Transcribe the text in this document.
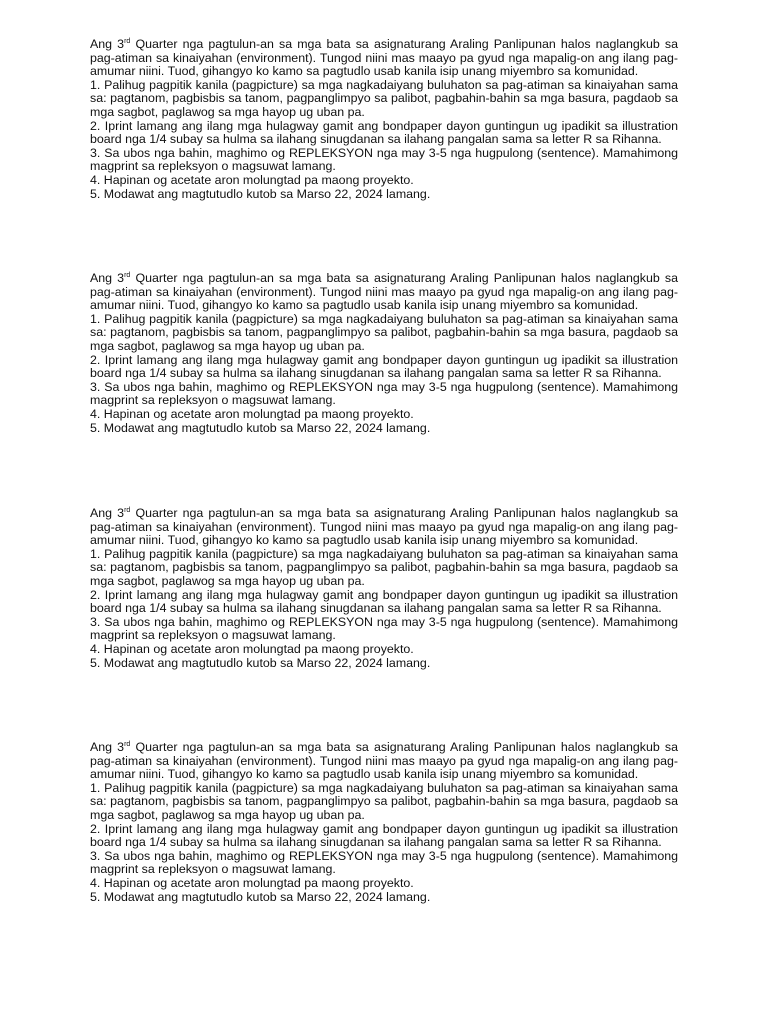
Ang 3rd Quarter nga pagtulun-an sa mga bata sa asignaturang Araling Panlipunan halos naglangkub sa pag-atiman sa kinaiyahan (environment). Tungod niini mas maayo pa gyud nga mapalig-on ang ilang pag-amumar niini. Tuod, gihangyo ko kamo sa pagtudlo usab kanila isip unang miyembro sa komunidad.

1. Palihug pagpitik kanila (pagpicture) sa mga nagkadaiyang buluhaton sa pag-atiman sa kinaiyahan sama sa: pagtanom, pagbisbis sa tanom, pagpanglimpyo sa palibot, pagbahin-bahin sa mga basura, pagdaob sa mga sagbot, paglawog sa mga hayop ug uban pa.

2. Iprint lamang ang ilang mga hulagway gamit ang bondpaper dayon guntingun ug ipadikit sa illustration board nga 1/4 subay sa hulma sa ilahang sinugdanan sa ilahang pangalan sama sa letter R sa Rihanna.

3. Sa ubos nga bahin, maghimo og REPLEKSYON nga may 3-5 nga hugpulong (sentence). Mamahimong magprint sa repleksyon o magsuwat lamang.

4. Hapinan og acetate aron molungtad pa maong proyekto.

5. Modawat ang magtutudlo kutob sa Marso 22, 2024 lamang.

Ang 3rd Quarter nga pagtulun-an sa mga bata sa asignaturang Araling Panlipunan halos naglangkub sa pag-atiman sa kinaiyahan (environment). Tungod niini mas maayo pa gyud nga mapalig-on ang ilang pag-amumar niini. Tuod, gihangyo ko kamo sa pagtudlo usab kanila isip unang miyembro sa komunidad.

1. Palihug pagpitik kanila (pagpicture) sa mga nagkadaiyang buluhaton sa pag-atiman sa kinaiyahan sama sa: pagtanom, pagbisbis sa tanom, pagpanglimpyo sa palibot, pagbahin-bahin sa mga basura, pagdaob sa mga sagbot, paglawog sa mga hayop ug uban pa.

2. Iprint lamang ang ilang mga hulagway gamit ang bondpaper dayon guntingun ug ipadikit sa illustration board nga 1/4 subay sa hulma sa ilahang sinugdanan sa ilahang pangalan sama sa letter R sa Rihanna.

3. Sa ubos nga bahin, maghimo og REPLEKSYON nga may 3-5 nga hugpulong (sentence). Mamahimong magprint sa repleksyon o magsuwat lamang.

4. Hapinan og acetate aron molungtad pa maong proyekto.

5. Modawat ang magtutudlo kutob sa Marso 22, 2024 lamang.

Ang 3rd Quarter nga pagtulun-an sa mga bata sa asignaturang Araling Panlipunan halos naglangkub sa pag-atiman sa kinaiyahan (environment). Tungod niini mas maayo pa gyud nga mapalig-on ang ilang pag-amumar niini. Tuod, gihangyo ko kamo sa pagtudlo usab kanila isip unang miyembro sa komunidad.

1. Palihug pagpitik kanila (pagpicture) sa mga nagkadaiyang buluhaton sa pag-atiman sa kinaiyahan sama sa: pagtanom, pagbisbis sa tanom, pagpanglimpyo sa palibot, pagbahin-bahin sa mga basura, pagdaob sa mga sagbot, paglawog sa mga hayop ug uban pa.

2. Iprint lamang ang ilang mga hulagway gamit ang bondpaper dayon guntingun ug ipadikit sa illustration board nga 1/4 subay sa hulma sa ilahang sinugdanan sa ilahang pangalan sama sa letter R sa Rihanna.

3. Sa ubos nga bahin, maghimo og REPLEKSYON nga may 3-5 nga hugpulong (sentence). Mamahimong magprint sa repleksyon o magsuwat lamang.

4. Hapinan og acetate aron molungtad pa maong proyekto.

5. Modawat ang magtutudlo kutob sa Marso 22, 2024 lamang.

Ang 3rd Quarter nga pagtulun-an sa mga bata sa asignaturang Araling Panlipunan halos naglangkub sa pag-atiman sa kinaiyahan (environment). Tungod niini mas maayo pa gyud nga mapalig-on ang ilang pag-amumar niini. Tuod, gihangyo ko kamo sa pagtudlo usab kanila isip unang miyembro sa komunidad.

1. Palihug pagpitik kanila (pagpicture) sa mga nagkadaiyang buluhaton sa pag-atiman sa kinaiyahan sama sa: pagtanom, pagbisbis sa tanom, pagpanglimpyo sa palibot, pagbahin-bahin sa mga basura, pagdaob sa mga sagbot, paglawog sa mga hayop ug uban pa.

2. Iprint lamang ang ilang mga hulagway gamit ang bondpaper dayon guntingun ug ipadikit sa illustration board nga 1/4 subay sa hulma sa ilahang sinugdanan sa ilahang pangalan sama sa letter R sa Rihanna.

3. Sa ubos nga bahin, maghimo og REPLEKSYON nga may 3-5 nga hugpulong (sentence). Mamahimong magprint sa repleksyon o magsuwat lamang.

4. Hapinan og acetate aron molungtad pa maong proyekto.

5. Modawat ang magtutudlo kutob sa Marso 22, 2024 lamang.
